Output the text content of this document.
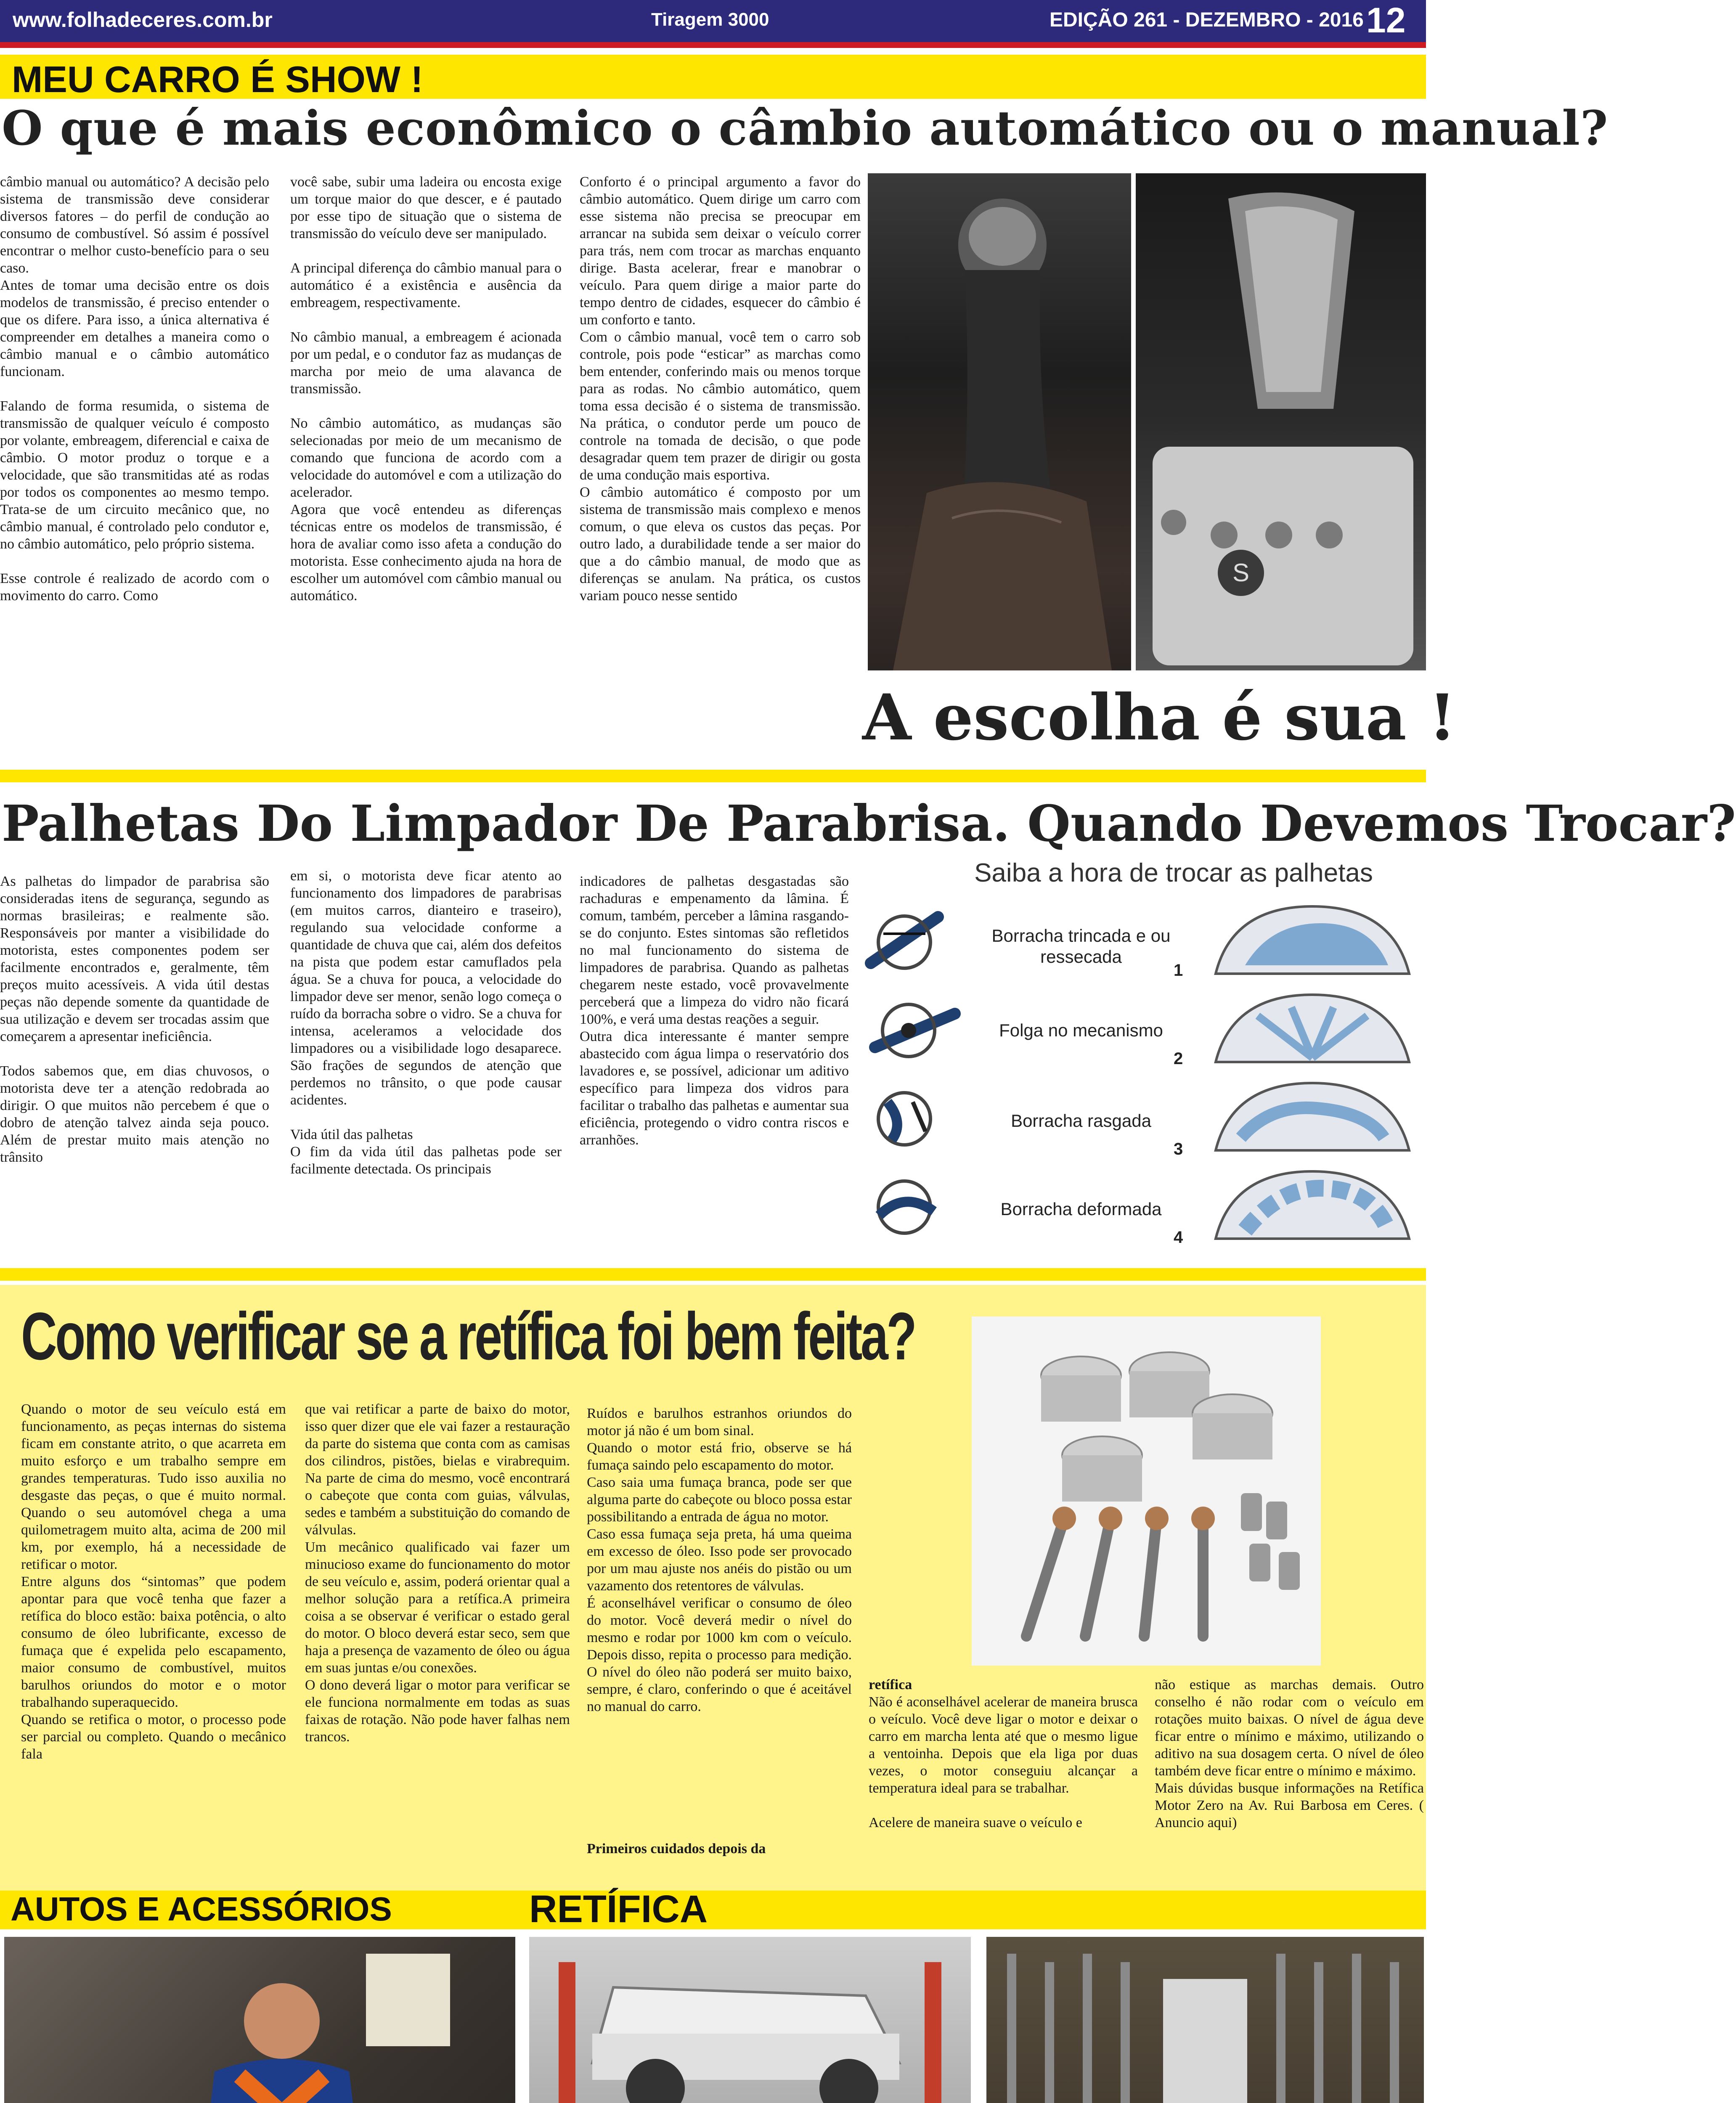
www.folhadeceres.com.br	Tiragem 3000	EDIÇÃO 261 - DEZEMBRO - 2016 12
MEU CARRO É SHOW !
O que é mais econômico o câmbio automático ou o manual?
câmbio manual ou automático? A decisão pelo sistema de transmissão deve considerar diversos fatores – do perfil de condução ao consumo de combustível. Só assim é possível encontrar o melhor custo-benefício para o seu caso.
Antes de tomar uma decisão entre os dois modelos de transmissão, é preciso entender o que os difere. Para isso, a única alternativa é compreender em detalhes a maneira como o câmbio manual e o câmbio automático funcionam.

Falando de forma resumida, o sistema de transmissão de qualquer veículo é composto por volante, embreagem, diferencial e caixa de câmbio. O motor produz o torque e a velocidade, que são transmitidas até as rodas por todos os componentes ao mesmo tempo. Trata-se de um circuito mecânico que, no câmbio manual, é controlado pelo condutor e, no câmbio automático, pelo próprio sistema.

Esse controle é realizado de acordo com o movimento do carro. Como
você sabe, subir uma ladeira ou encosta exige um torque maior do que descer, e é pautado por esse tipo de situação que o sistema de transmissão do veículo deve ser manipulado.

A principal diferença do câmbio manual para o automático é a existência e ausência da embreagem, respectivamente.

No câmbio manual, a embreagem é acionada por um pedal, e o condutor faz as mudanças de marcha por meio de uma alavanca de transmissão.

No câmbio automático, as mudanças são selecionadas por meio de um mecanismo de comando que funciona de acordo com a velocidade do automóvel e com a utilização do acelerador.
Agora que você entendeu as diferenças técnicas entre os modelos de transmissão, é hora de avaliar como isso afeta a condução do motorista. Esse conhecimento ajuda na hora de escolher um automóvel com câmbio manual ou automático.
Conforto é o principal argumento a favor do câmbio automático. Quem dirige um carro com esse sistema não precisa se preocupar em arrancar na subida sem deixar o veículo correr para trás, nem com trocar as marchas enquanto dirige. Basta acelerar, frear e manobrar o veículo. Para quem dirige a maior parte do tempo dentro de cidades, esquecer do câmbio é um conforto e tanto.
Com o câmbio manual, você tem o carro sob controle, pois pode “esticar” as marchas como bem entender, conferindo mais ou menos torque para as rodas. No câmbio automático, quem toma essa decisão é o sistema de transmissão. Na prática, o condutor perde um pouco de controle na tomada de decisão, o que pode desagradar quem tem prazer de dirigir ou gosta de uma condução mais esportiva.
O câmbio automático é composto por um sistema de transmissão mais complexo e menos comum, o que eleva os custos das peças. Por outro lado, a durabilidade tende a ser maior do que a do câmbio manual, de modo que as diferenças se anulam. Na prática, os custos variam pouco nesse sentido
S
A escolha é sua !
Palhetas Do Limpador De Parabrisa. Quando Devemos Trocar?
As palhetas do limpador de parabrisa são consideradas itens de segurança, segundo as normas brasileiras; e realmente são. Responsáveis por manter a visibilidade do motorista, estes componentes podem ser facilmente encontrados e, geralmente, têm preços muito acessíveis. A vida útil destas peças não depende somente da quantidade de sua utilização e devem ser trocadas assim que começarem a apresentar ineficiência.

Todos sabemos que, em dias chuvosos, o motorista deve ter a atenção redobrada ao dirigir. O que muitos não percebem é que o dobro de atenção talvez ainda seja pouco. Além de prestar muito mais atenção no trânsito
em si, o motorista deve ficar atento ao funcionamento dos limpadores de parabrisas (em muitos carros, dianteiro e traseiro), regulando sua velocidade conforme a quantidade de chuva que cai, além dos defeitos na pista que podem estar camuflados pela água. Se a chuva for pouca, a velocidade do limpador deve ser menor, senão logo começa o ruído da borracha sobre o vidro. Se a chuva for intensa, aceleramos a velocidade dos limpadores ou a visibilidade logo desaparece. São frações de segundos de atenção que perdemos no trânsito, o que pode causar acidentes.

Vida útil das palhetas
O fim da vida útil das palhetas pode ser facilmente detectada. Os principais
indicadores de palhetas desgastadas são rachaduras e empenamento da lâmina. É comum, também, perceber a lâmina rasgando-se do conjunto. Estes sintomas são refletidos no mal funcionamento do sistema de limpadores de parabrisa. Quando as palhetas chegarem neste estado, você provavelmente perceberá que a limpeza do vidro não ficará 100%, e verá uma destas reações a seguir.
Outra dica interessante é manter sempre abastecido com água limpa o reservatório dos lavadores e, se possível, adicionar um aditivo específico para limpeza dos vidros para facilitar o trabalho das palhetas e aumentar sua eficiência, protegendo o vidro contra riscos e arranhões.
Saiba a hora de trocar as palhetas
Borracha trincada e ou ressecada
1
Folga no mecanismo
2
Borracha rasgada
3
Borracha deformada
4
Como verificar se a retífica foi bem feita?
Quando o motor de seu veículo está em funcionamento, as peças internas do sistema ficam em constante atrito, o que acarreta em muito esforço e um trabalho sempre em grandes temperaturas. Tudo isso auxilia no desgaste das peças, o que é muito normal. Quando o seu automóvel chega a uma quilometragem muito alta, acima de 200 mil km, por exemplo, há a necessidade de retificar o motor.
Entre alguns dos “sintomas” que podem apontar para que você tenha que fazer a retífica do bloco estão: baixa potência, o alto consumo de óleo lubrificante, excesso de fumaça que é expelida pelo escapamento, maior consumo de combustível, muitos barulhos oriundos do motor e o motor trabalhando superaquecido.
Quando se retifica o motor, o processo pode ser parcial ou completo. Quando o mecânico fala
que vai retificar a parte de baixo do motor, isso quer dizer que ele vai fazer a restauração da parte do sistema que conta com as camisas dos cilindros, pistões, bielas e virabrequim. Na parte de cima do mesmo, você encontrará o cabeçote que conta com guias, válvulas, sedes e também a substituição do comando de válvulas.
Um mecânico qualificado vai fazer um minucioso exame do funcionamento do motor de seu veículo e, assim, poderá orientar qual a melhor solução para a retífica.A primeira coisa a se observar é verificar o estado geral do motor. O bloco deverá estar seco, sem que haja a presença de vazamento de óleo ou água em suas juntas e/ou conexões.
O dono deverá ligar o motor para verificar se ele funciona normalmente em todas as suas faixas de rotação. Não pode haver falhas nem trancos.
Ruídos e barulhos estranhos oriundos do motor já não é um bom sinal.
Quando o motor está frio, observe se há fumaça saindo pelo escapamento do motor.
Caso saia uma fumaça branca, pode ser que alguma parte do cabeçote ou bloco possa estar possibilitando a entrada de água no motor.
Caso essa fumaça seja preta, há uma queima em excesso de óleo. Isso pode ser provocado por um mau ajuste nos anéis do pistão ou um vazamento dos retentores de válvulas.
É aconselhável verificar o consumo de óleo do motor. Você deverá medir o nível do mesmo e rodar por 1000 km com o veículo. Depois disso, repita o processo para medição. O nível do óleo não poderá ser muito baixo, sempre, é claro, conferindo o que é aceitável no manual do carro.
Primeiros cuidados depois da
retífica
Não é aconselhável acelerar de maneira brusca o veículo. Você deve ligar o motor e deixar o carro em marcha lenta até que o mesmo ligue a ventoinha. Depois que ela liga por duas vezes, o motor conseguiu alcançar a temperatura ideal para se trabalhar.

Acelere de maneira suave o veículo e
não estique as marchas demais. Outro conselho é não rodar com o veículo em rotações muito baixas. O nível de água deve ficar entre o mínimo e máximo, utilizando o aditivo na sua dosagem certa. O nível de óleo também deve ficar entre o mínimo e máximo.
Mais dúvidas busque informações na Retífica Motor Zero na Av. Rui Barbosa em Ceres. ( Anuncio aqui)
AUTOS E ACESSÓRIOS	RETÍFICA
